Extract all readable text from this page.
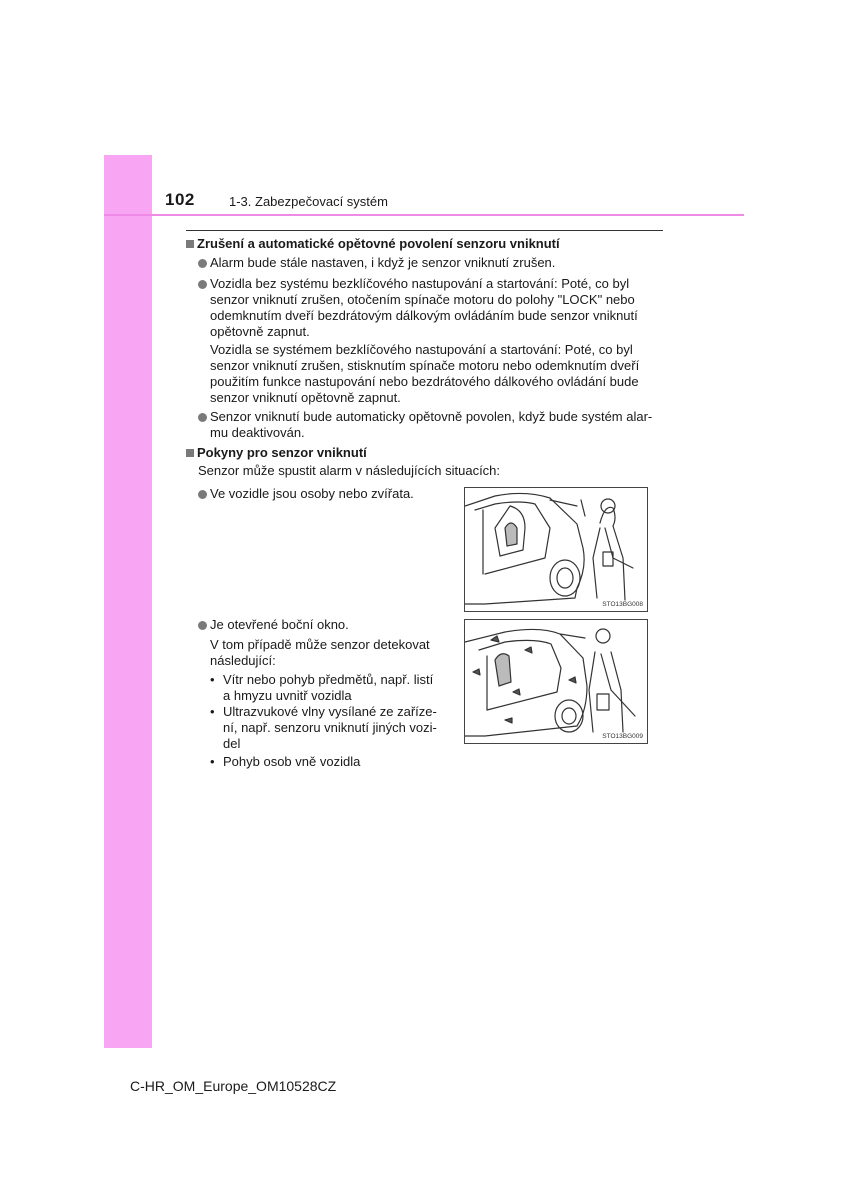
102	1-3. Zabezpečovací systém
Zrušení a automatické opětovné povolení senzoru vniknutí
Alarm bude stále nastaven, i když je senzor vniknutí zrušen.
Vozidla bez systému bezklíčového nastupování a startování: Poté, co byl
senzor vniknutí zrušen, otočením spínače motoru do polohy "LOCK" nebo
odemknutím dveří bezdrátovým dálkovým ovládáním bude senzor vniknutí
opětovně zapnut.
Vozidla se systémem bezklíčového nastupování a startování: Poté, co byl
senzor vniknutí zrušen, stisknutím spínače motoru nebo odemknutím dveří
použitím funkce nastupování nebo bezdrátového dálkového ovládání bude
senzor vniknutí opětovně zapnut.
Senzor vniknutí bude automaticky opětovně povolen, když bude systém alar-
mu deaktivován.
Pokyny pro senzor vniknutí
Senzor může spustit alarm v následujících situacích:
Ve vozidle jsou osoby nebo zvířata.
Je otevřené boční okno.
V tom případě může senzor detekovat
následující:
• Vítr nebo pohyb předmětů, např. listí
a hmyzu uvnitř vozidla
• Ultrazvukové vlny vysílané ze zaříze-
ní, např. senzoru vniknutí jiných vozi-
del
• Pohyb osob vně vozidla
STO13BG008
STO13BG009
C-HR_OM_Europe_OM10528CZ
